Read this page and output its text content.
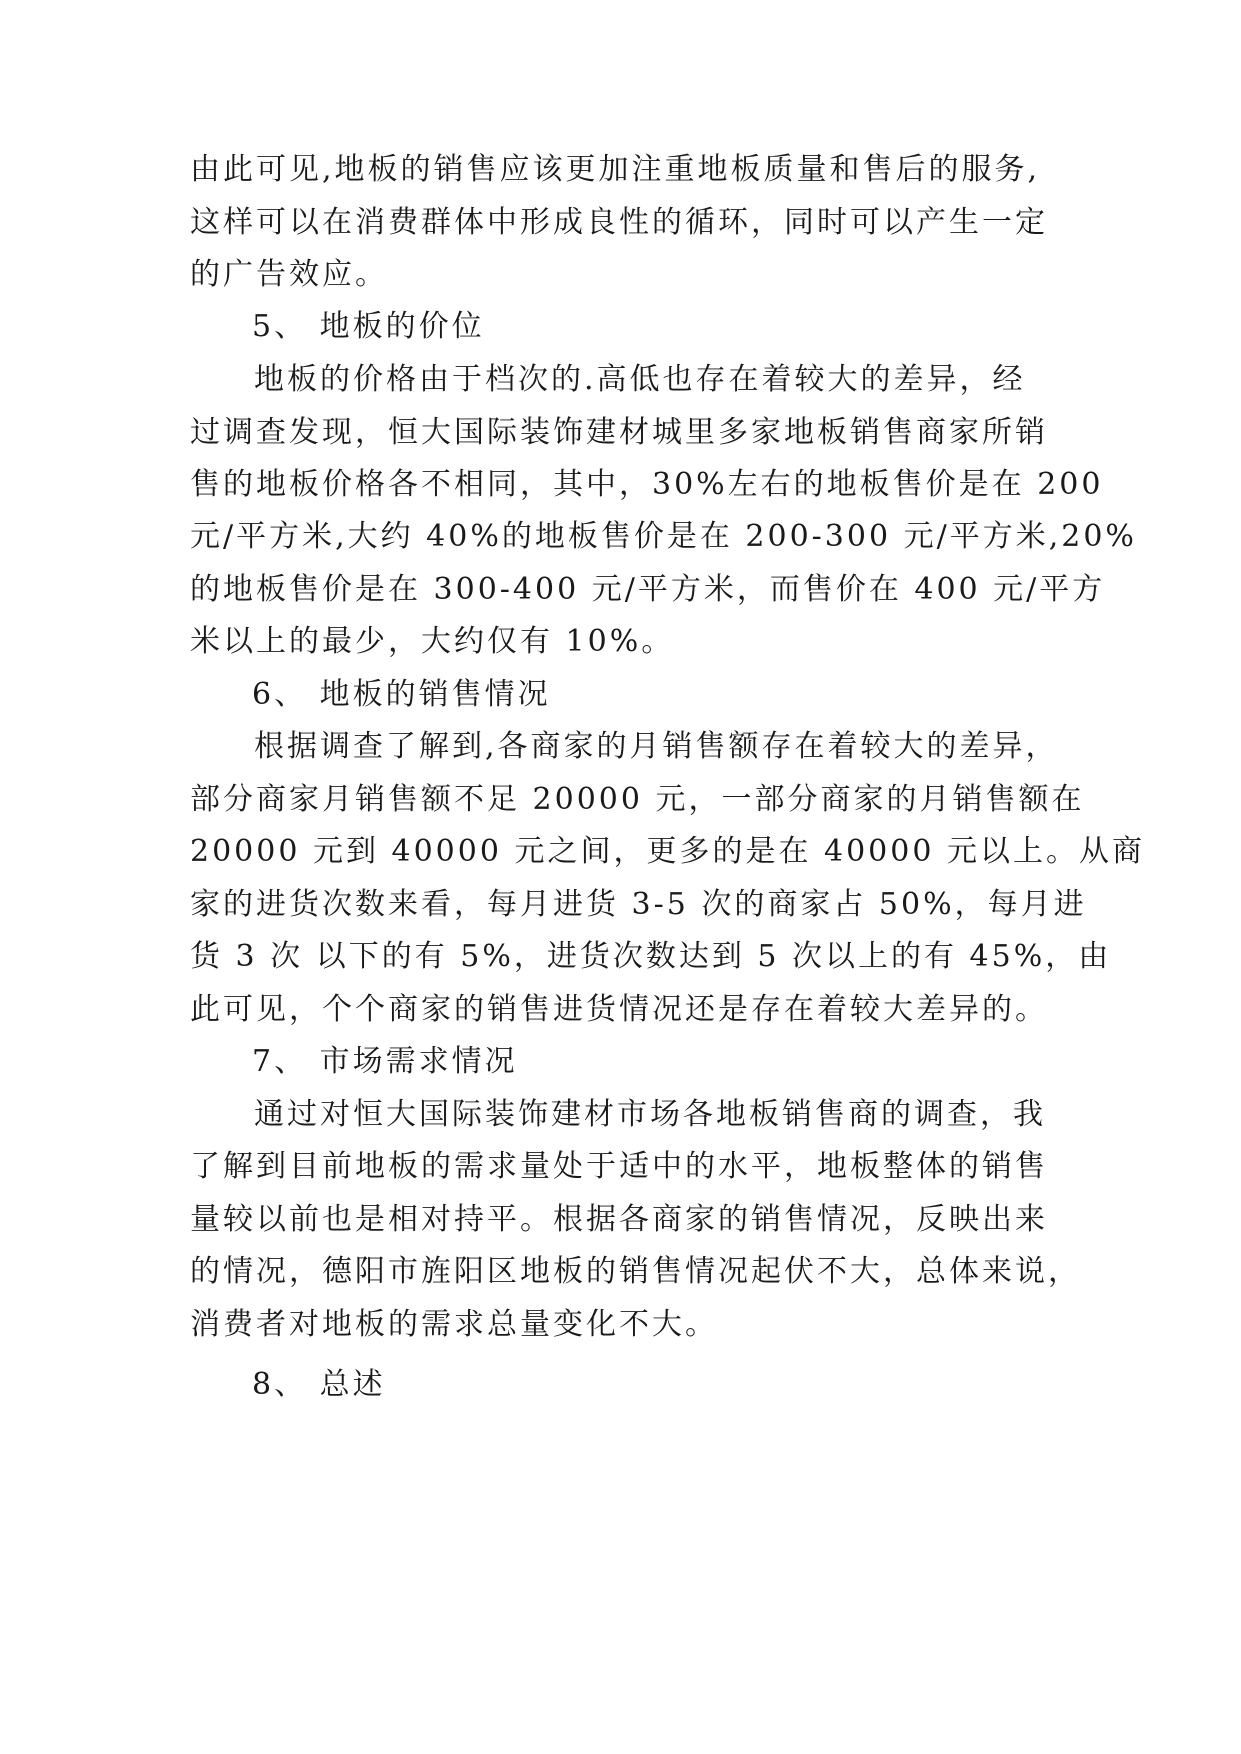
由此可见,地板的销售应该更加注重地板质量和售后的服务,
这样可以在消费群体中形成良性的循环，同时可以产生一定
的广告效应。
5、 地板的价位
地板的价格由于档次的.高低也存在着较大的差异，经
过调查发现，恒大国际装饰建材城里多家地板销售商家所销
售的地板价格各不相同，其中，30%左右的地板售价是在 200
元/平方米,大约 40%的地板售价是在 200-300 元/平方米,20%
的地板售价是在 300-400 元/平方米，而售价在 400 元/平方
米以上的最少，大约仅有 10%。
6、 地板的销售情况
根据调查了解到,各商家的月销售额存在着较大的差异，
部分商家月销售额不足 20000 元，一部分商家的月销售额在
20000 元到 40000 元之间，更多的是在 40000 元以上。从商
家的进货次数来看，每月进货 3-5 次的商家占 50%，每月进
货 3 次 以下的有 5%，进货次数达到 5 次以上的有 45%，由
此可见，个个商家的销售进货情况还是存在着较大差异的。
7、 市场需求情况
通过对恒大国际装饰建材市场各地板销售商的调查，我
了解到目前地板的需求量处于适中的水平，地板整体的销售
量较以前也是相对持平。根据各商家的销售情况，反映出来
的情况，德阳市旌阳区地板的销售情况起伏不大，总体来说，
消费者对地板的需求总量变化不大。
8、 总述
